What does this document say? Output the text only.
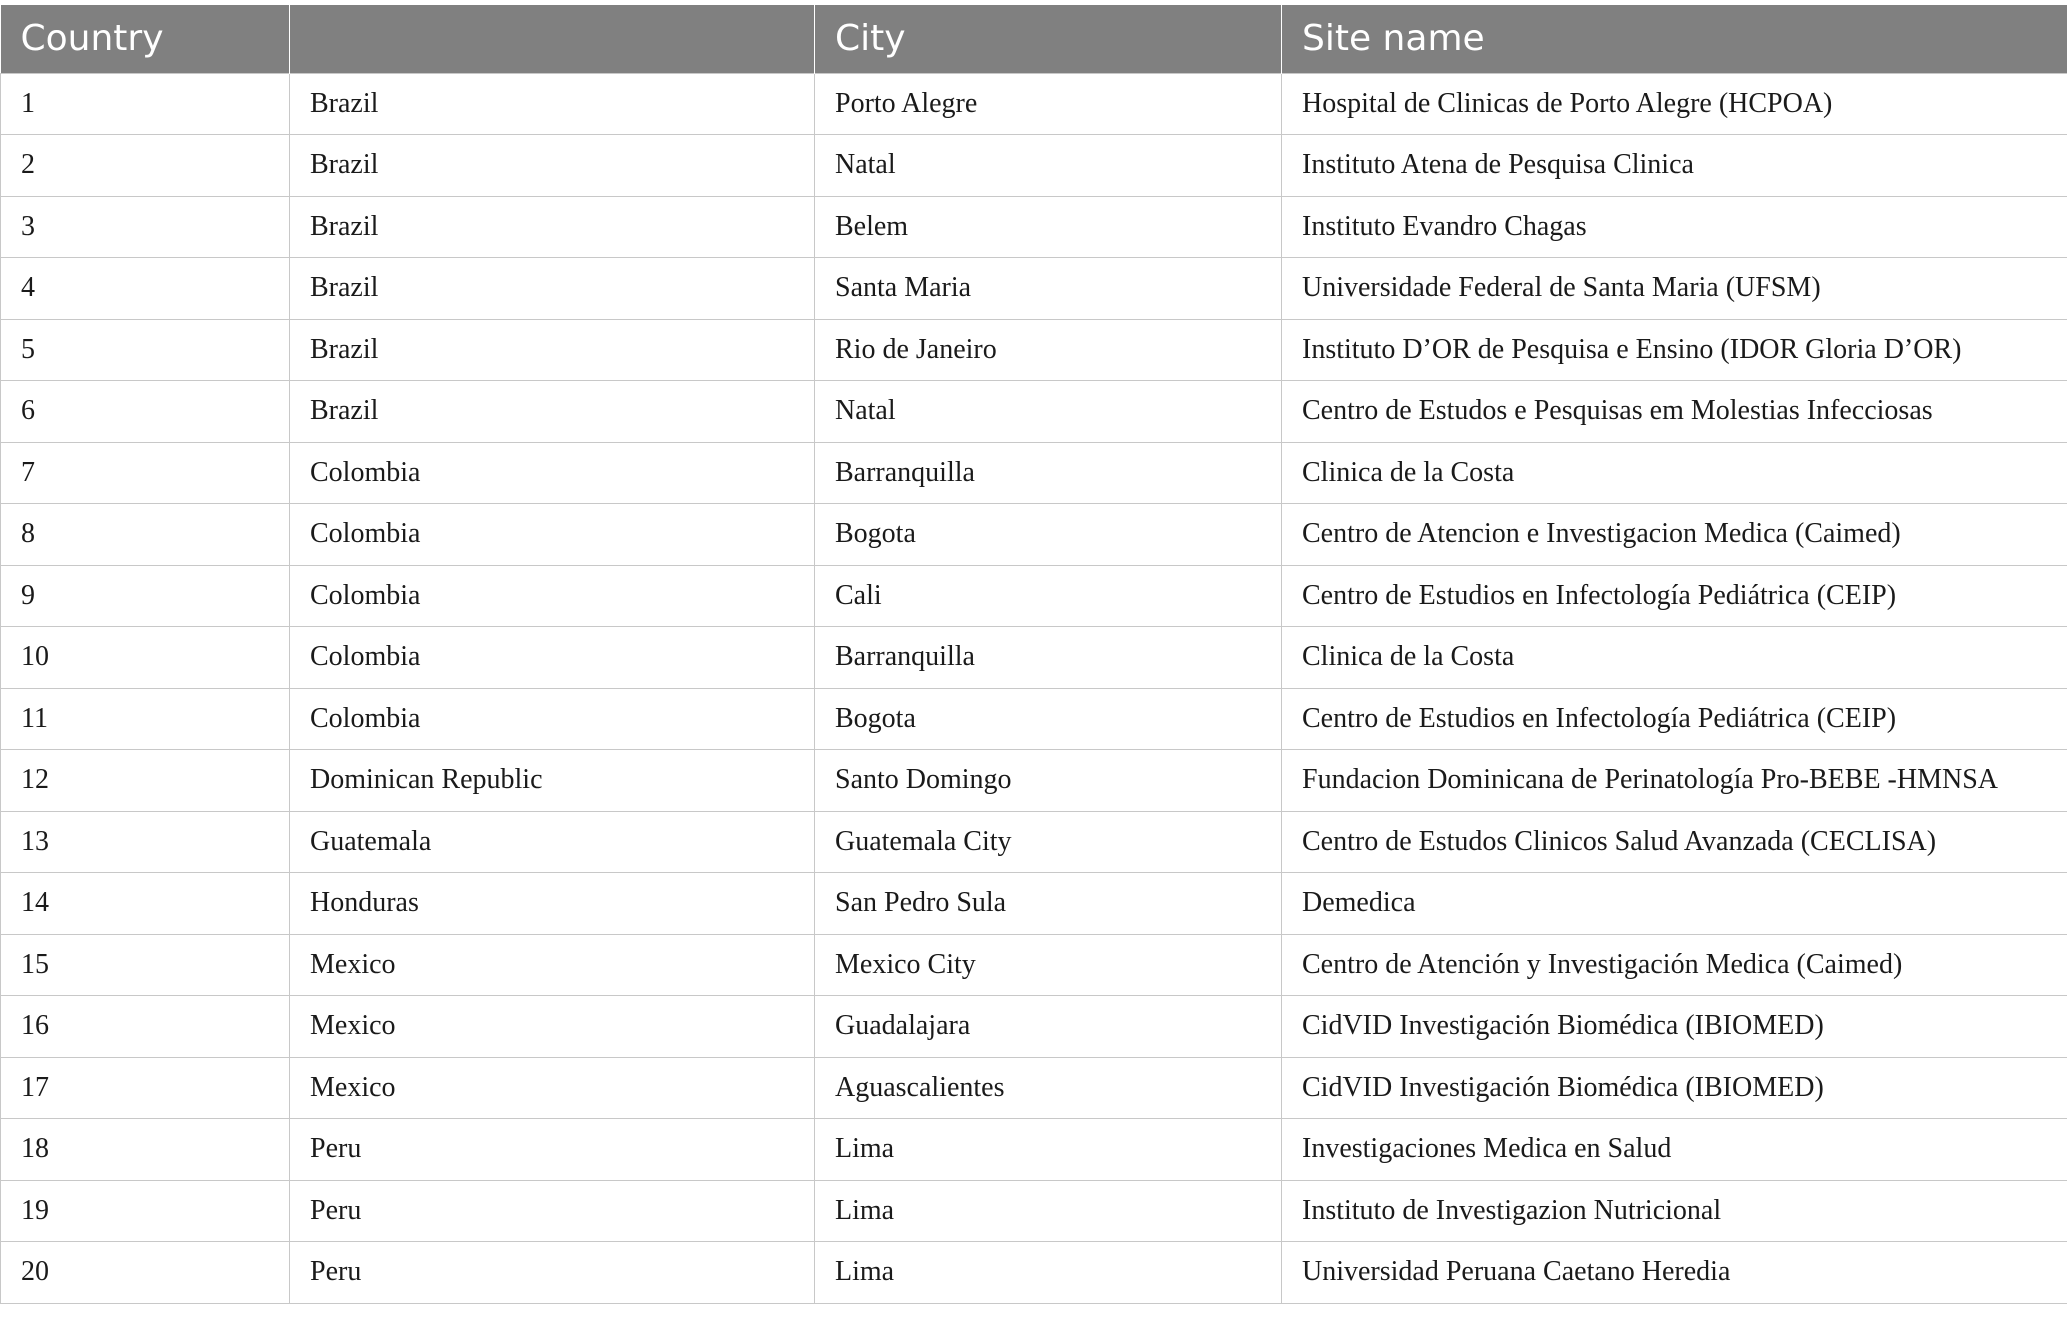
Country		City	Site name
1	Brazil	Porto Alegre	Hospital de Clinicas de Porto Alegre (HCPOA)
2	Brazil	Natal	Instituto Atena de Pesquisa Clinica
3	Brazil	Belem	Instituto Evandro Chagas
4	Brazil	Santa Maria	Universidade Federal de Santa Maria (UFSM)
5	Brazil	Rio de Janeiro	Instituto D’OR de Pesquisa e Ensino (IDOR Gloria D’OR)
6	Brazil	Natal	Centro de Estudos e Pesquisas em Molestias Infecciosas
7	Colombia	Barranquilla	Clinica de la Costa
8	Colombia	Bogota	Centro de Atencion e Investigacion Medica (Caimed)
9	Colombia	Cali	Centro de Estudios en Infectología Pediátrica (CEIP)
10	Colombia	Barranquilla	Clinica de la Costa
11	Colombia	Bogota	Centro de Estudios en Infectología Pediátrica (CEIP)
12	Dominican Republic	Santo Domingo	Fundacion Dominicana de Perinatología Pro-BEBE -HMNSA
13	Guatemala	Guatemala City	Centro de Estudos Clinicos Salud Avanzada (CECLISA)
14	Honduras	San Pedro Sula	Demedica
15	Mexico	Mexico City	Centro de Atención y Investigación Medica (Caimed)
16	Mexico	Guadalajara	CidVID Investigación Biomédica (IBIOMED)
17	Mexico	Aguascalientes	CidVID Investigación Biomédica (IBIOMED)
18	Peru	Lima	Investigaciones Medica en Salud
19	Peru	Lima	Instituto de Investigazion Nutricional
20	Peru	Lima	Universidad Peruana Caetano Heredia
